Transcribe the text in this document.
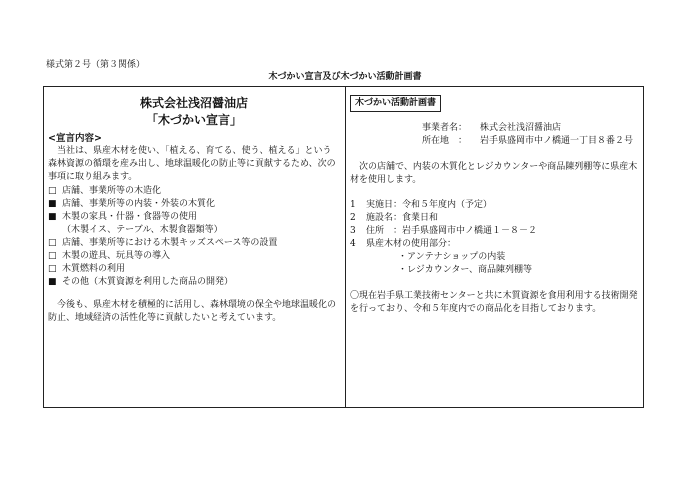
様式第２号（第３関係）
木づかい宣言及び木づかい活動計画書
株式会社浅沼醤油店
「木づかい宣言」
<宣言内容>

当社は、県産木材を使い、「植える、育てる、使う、植える」という森林資源の循環を産み出し、地球温暖化の防止等に貢献するため、次の事項に取り組みます。

□ 店舗、事業所等の木造化
■ 店舗、事業所等の内装・外装の木質化
■ 木製の家具・什器・食器等の使用
（木製イス、テーブル、木製食器類等）
□ 店舗、事業所等における木製キッズスペース等の設置
□ 木製の遊具、玩具等の導入
□ 木質燃料の利用
■ その他（木質資源を利用した商品の開発）

今後も、県産木材を積極的に活用し、森林環境の保全や地球温暖化の防止、地域経済の活性化等に貢献したいと考えています。

木づかい活動計画書
事業者名：	株式会社浅沼醤油店
所在地　：	岩手県盛岡市中ノ橋通一丁目８番２号

次の店舗で、内装の木質化とレジカウンターや商品陳列棚等に県産木材を使用します。

1	実施日：令和５年度内（予定）
2	施設名：食業日和
3	住所　：岩手県盛岡市中ノ橋通１－８－２
4	県産木材の使用部分：
・アンテナショップの内装
・レジカウンター、商品陳列棚等
〇現在岩手県工業技術センターと共に木質資源を食用利用する技術開発を行っており、令和５年度内での商品化を目指しております。
